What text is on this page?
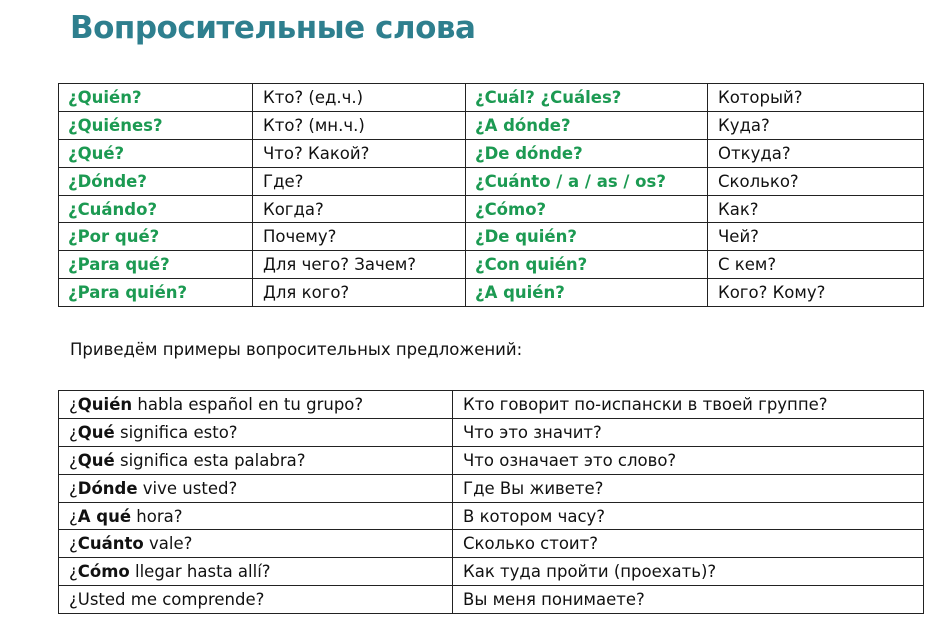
Вопросительные слова
¿Quién?	Кто? (ед.ч.)	¿Cuál? ¿Cuáles?	Который?
¿Quiénes?	Кто? (мн.ч.)	¿A dónde?	Куда?
¿Qué?	Что? Какой?	¿De dónde?	Откуда?
¿Dónde?	Где?	¿Cuánto / a / as / os?	Сколько?
¿Cuándo?	Когда?	¿Cómo?	Как?
¿Por qué?	Почему?	¿De quién?	Чей?
¿Para qué?	Для чего? Зачем?	¿Con quién?	С кем?
¿Para quién?	Для кого?	¿A quién?	Кого? Кому?
Приведём примеры вопросительных предложений:
¿Quién habla español en tu grupo?	Кто говорит по-испански в твоей группе?
¿Qué significa esto?	Что это значит?
¿Qué significa esta palabra?	Что означает это слово?
¿Dónde vive usted?	Где Вы живете?
¿A qué hora?	В котором часу?
¿Cuánto vale?	Сколько стоит?
¿Cómo llegar hasta allí?	Как туда пройти (проехать)?
¿Usted me comprende?	Вы меня понимаете?
